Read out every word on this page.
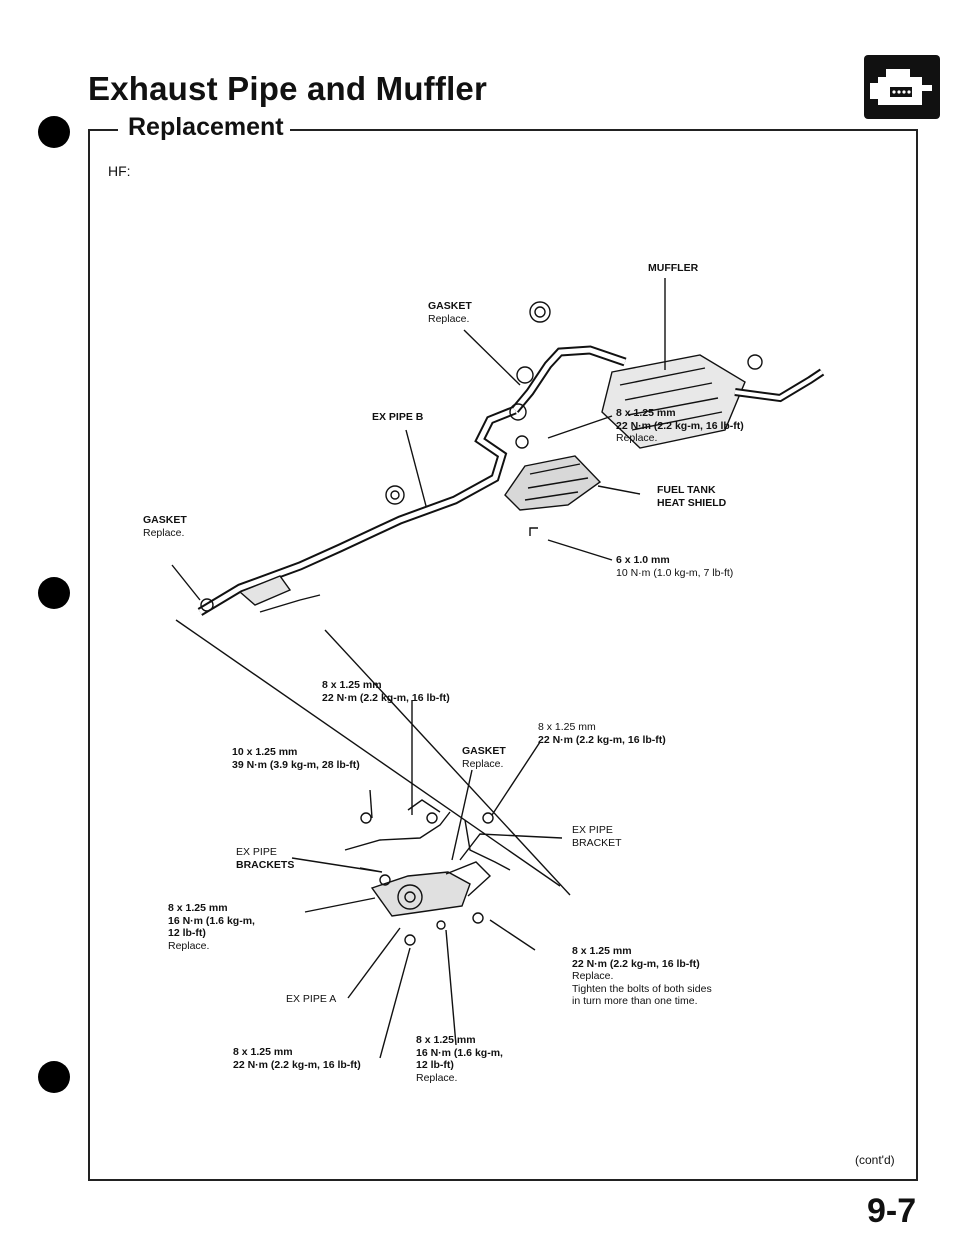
Exhaust Pipe and Muffler
Replacement
HF:
MUFFLER
GASKET
Replace.
EX PIPE B	8 x 1.25 mm
22 N·m (2.2 kg-m, 16 lb-ft)
Replace.
FUEL TANK
HEAT SHIELD
GASKET
Replace.
6 x 1.0 mm
10 N·m (1.0 kg-m, 7 lb-ft)
8 x 1.25 mm
22 N·m (2.2 kg-m, 16 lb-ft)
8 x 1.25 mm
22 N·m (2.2 kg-m, 16 lb-ft)
10 x 1.25 mm
39 N·m (3.9 kg-m, 28 lb-ft)
GASKET
Replace.
EX PIPE
BRACKET
EX PIPE
BRACKETS
8 x 1.25 mm
16 N·m (1.6 kg-m,
12 lb-ft)
Replace.	8 x 1.25 mm
22 N·m (2.2 kg-m, 16 lb-ft)
Replace.
Tighten the bolts of both sides
in turn more than one time.
EX PIPE A
8 x 1.25 mm
22 N·m (2.2 kg-m, 16 lb-ft)
8 x 1.25 mm
16 N·m (1.6 kg-m,
12 lb-ft)
Replace.
(cont'd)
9-7
